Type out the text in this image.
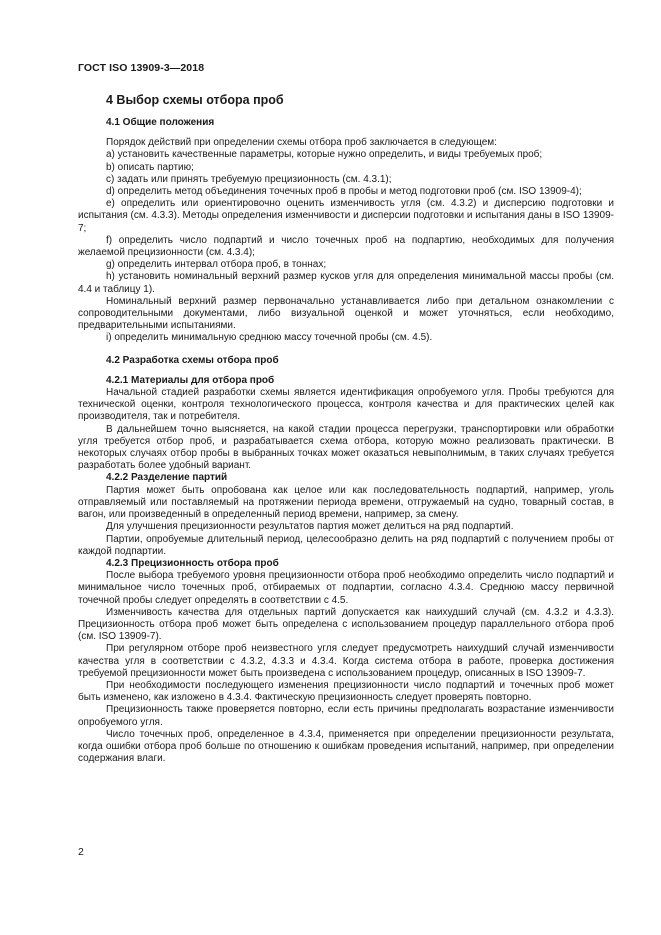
ГОСТ ISO 13909-3—2018
4 Выбор схемы отбора проб
4.1 Общие положения

Порядок действий при определении схемы отбора проб заключается в следующем:

а) установить качественные параметры, которые нужно определить, и виды требуемых проб;

b) описать партию;

с) задать или принять требуемую прецизионность (см. 4.3.1);

d) определить метод объединения точечных проб в пробы и метод подготовки проб (см. ISO 13909-4);

е) определить или ориентировочно оценить изменчивость угля (см. 4.3.2) и дисперсию подготовки и испытания (см. 4.3.3). Методы определения изменчивости и дисперсии подготовки и испытания даны в ISO 13909-7;

f) определить число подпартий и число точечных проб на подпартию, необходимых для получения желаемой прецизионности (см. 4.3.4);

g) определить интервал отбора проб, в тоннах;

h) установить номинальный верхний размер кусков угля для определения минимальной массы пробы (см. 4.4 и таблицу 1).

Номинальный верхний размер первоначально устанавливается либо при детальном ознакомлении с сопроводительными документами, либо визуальной оценкой и может уточняться, если необходимо, предварительными испытаниями.

i) определить минимальную среднюю массу точечной пробы (см. 4.5).

4.2 Разработка схемы отбора проб
4.2.1 Материалы для отбора проб

Начальной стадией разработки схемы является идентификация опробуемого угля. Пробы требуются для технической оценки, контроля технологического процесса, контроля качества и для практических целей как производителя, так и потребителя.

В дальнейшем точно выясняется, на какой стадии процесса перегрузки, транспортировки или обработки угля требуется отбор проб, и разрабатывается схема отбора, которую можно реализовать практически. В некоторых случаях отбор пробы в выбранных точках может оказаться невыполнимым, в таких случаях требуется разработать более удобный вариант.

4.2.2 Разделение партий

Партия может быть опробована как целое или как последовательность подпартий, например, уголь отправляемый или поставляемый на протяжении периода времени, отгружаемый на судно, товарный состав, в вагон, или произведенный в определенный период времени, например, за смену.

Для улучшения прецизионности результатов партия может делиться на ряд подпартий.

Партии, опробуемые длительный период, целесообразно делить на ряд подпартий с получением пробы от каждой подпартии.

4.2.3 Прецизионность отбора проб

После выбора требуемого уровня прецизионности отбора проб необходимо определить число подпартий и минимальное число точечных проб, отбираемых от подпартии, согласно 4.3.4. Среднюю массу первичной точечной пробы следует определять в соответствии с 4.5.

Изменчивость качества для отдельных партий допускается как наихудший случай (см. 4.3.2 и 4.3.3). Прецизионность отбора проб может быть определена с использованием процедур параллельного отбора проб (см. ISO 13909-7).

При регулярном отборе проб неизвестного угля следует предусмотреть наихудший случай изменчивости качества угля в соответствии с 4.3.2, 4.3.3 и 4.3.4. Когда система отбора в работе, проверка достижения требуемой прецизионности может быть произведена с использованием процедур, описанных в ISO 13909-7.

При необходимости последующего изменения прецизионности число подпартий и точечных проб может быть изменено, как изложено в 4.3.4. Фактическую прецизионность следует проверять повторно.

Прецизионность также проверяется повторно, если есть причины предполагать возрастание изменчивости опробуемого угля.

Число точечных проб, определенное в 4.3.4, применяется при определении прецизионности результата, когда ошибки отбора проб больше по отношению к ошибкам проведения испытаний, например, при определении содержания влаги.

2
